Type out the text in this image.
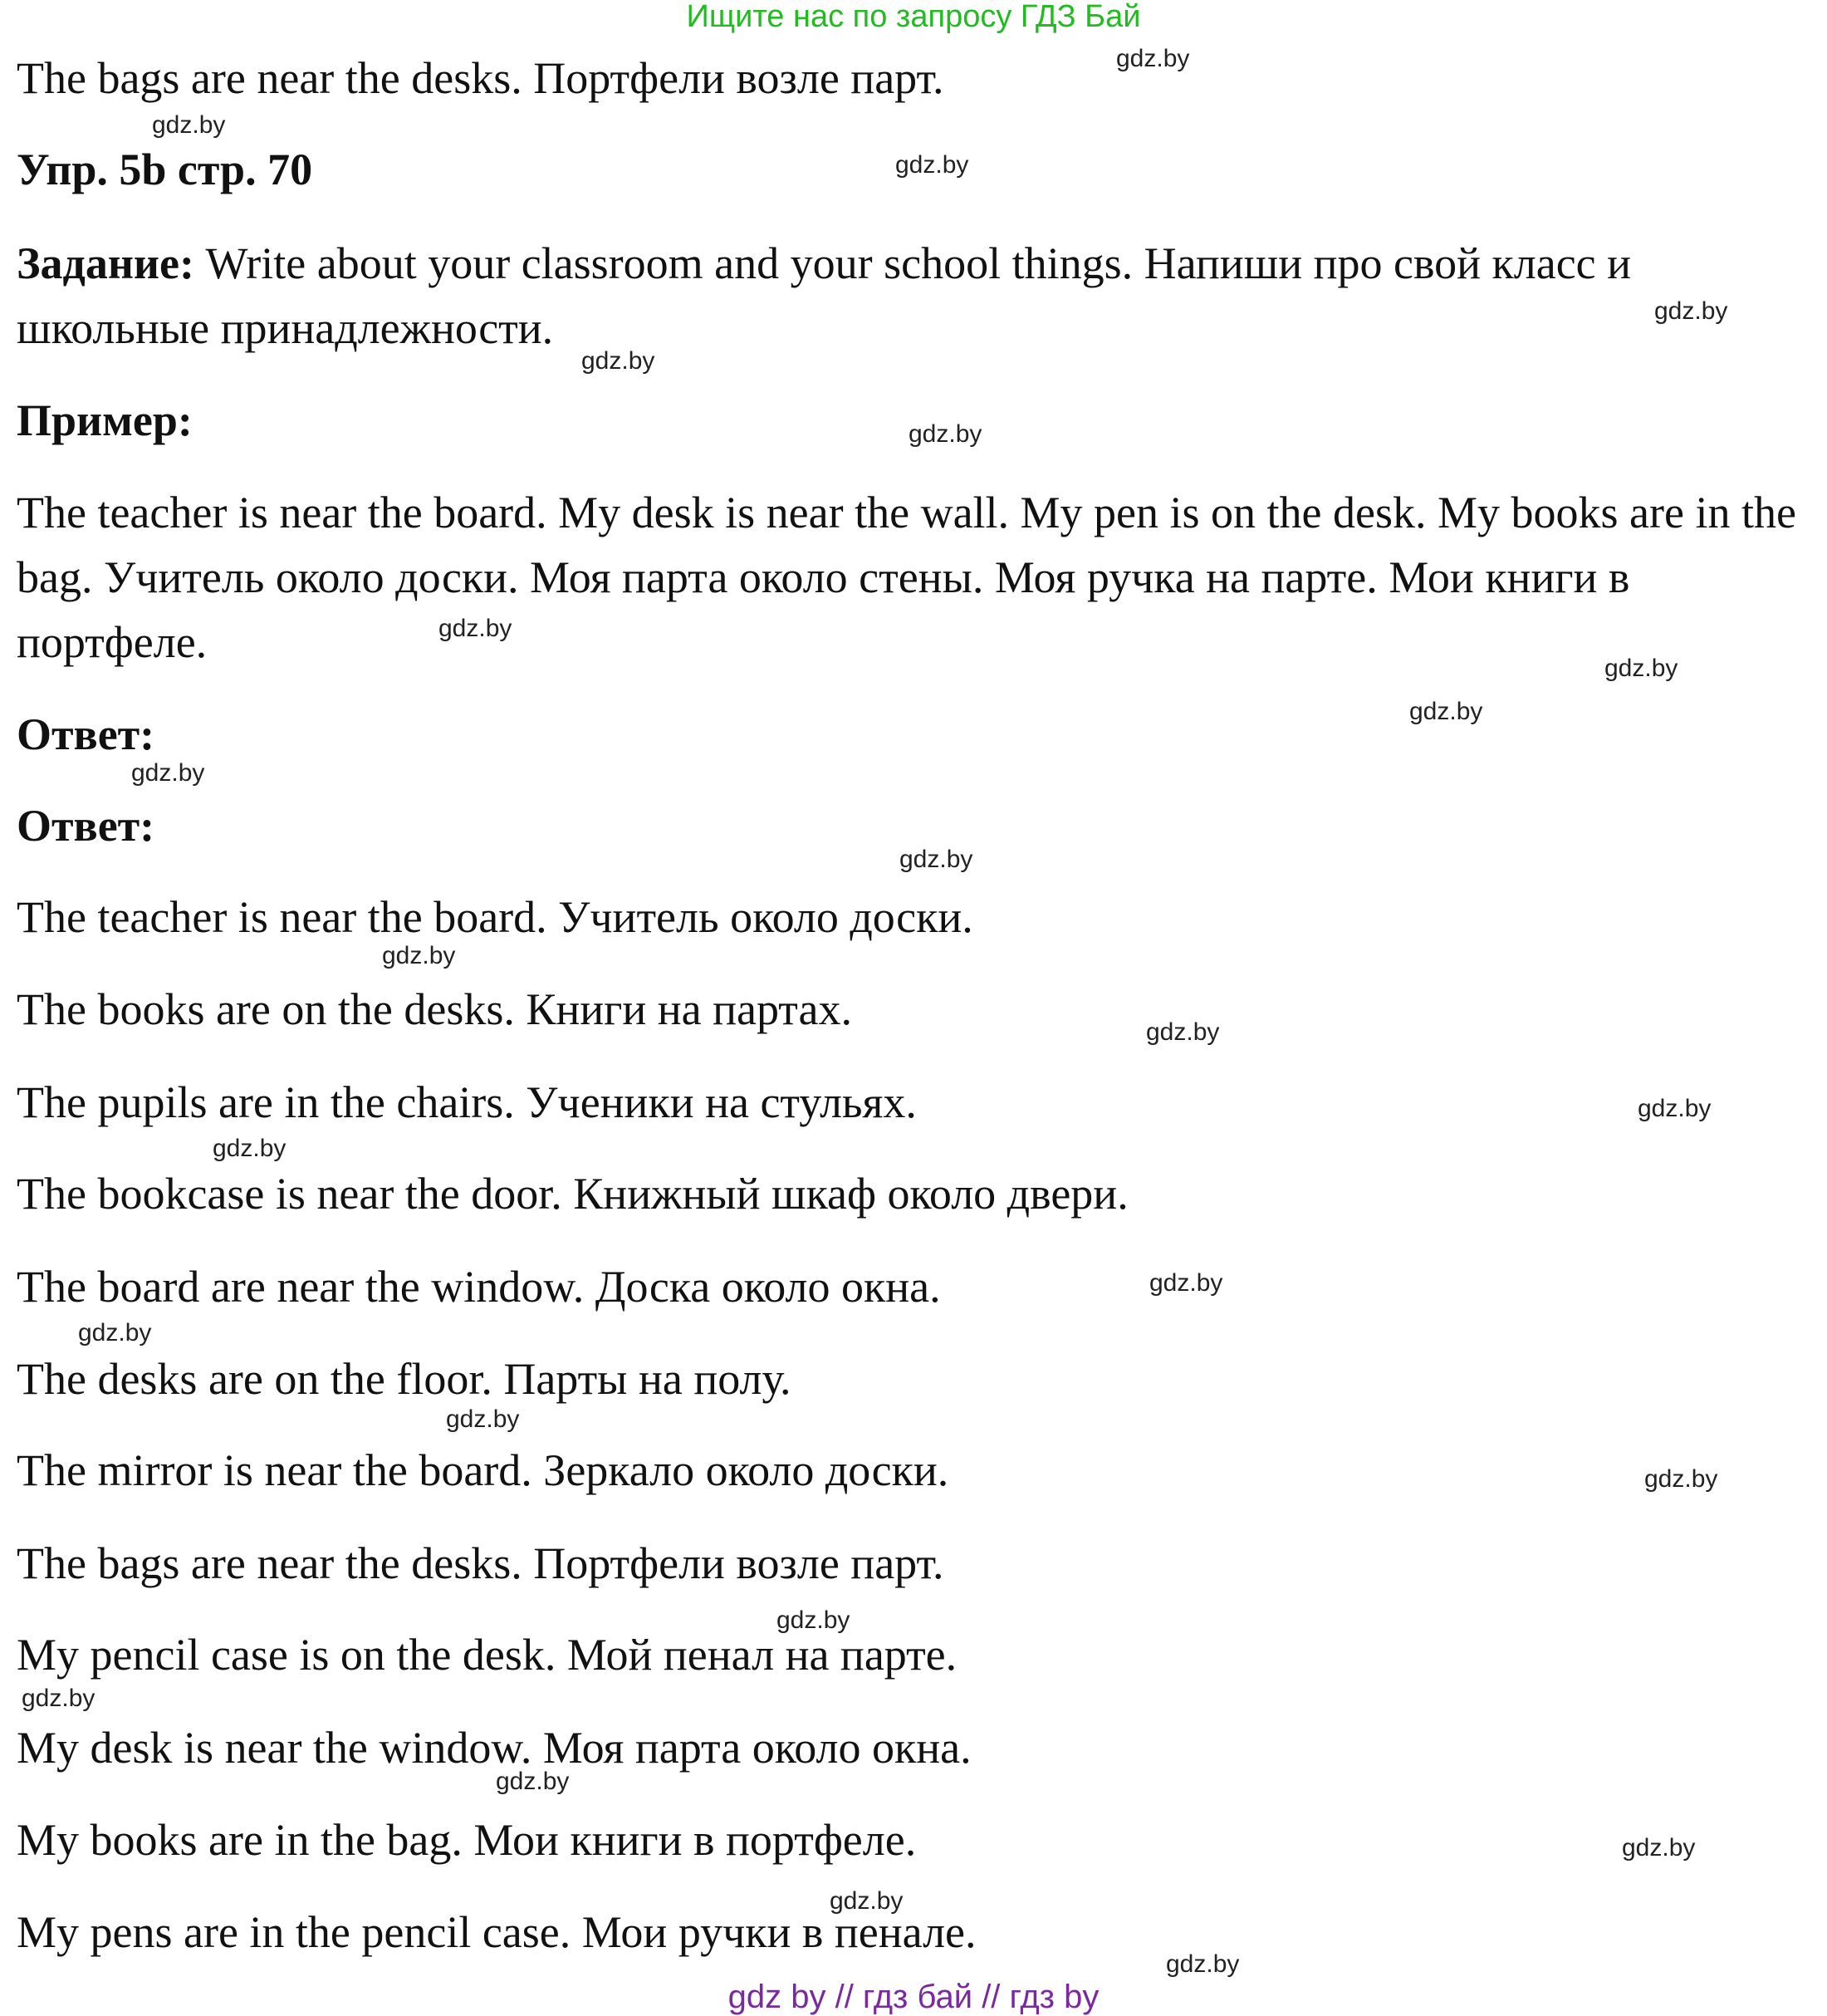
Ищите нас по запросу ГДЗ Бай
The bags are near the desks. Портфели возле парт.
Упр. 5b стр. 70
Задание: Write about your classroom and your school things. Напиши про свой класс и школьные принадлежности.
Пример:
The teacher is near the board. My desk is near the wall. My pen is on the desk. My books are in the bag. Учитель около доски. Моя парта около стены. Моя ручка на парте. Мои книги в портфеле.
Ответ:
Ответ:
The teacher is near the board. Учитель около доски.
The books are on the desks. Книги на партах.
The pupils are in the chairs. Ученики на стульях.
The bookcase is near the door. Книжный шкаф около двери.
The board are near the window. Доска около окна.
The desks are on the floor. Парты на полу.
The mirror is near the board. Зеркало около доски.
The bags are near the desks. Портфели возле парт.
My pencil case is on the desk. Мой пенал на парте.
My desk is near the window. Моя парта около окна.
My books are in the bag. Мои книги в портфеле.
My pens are in the pencil case. Мои ручки в пенале.
gdz.by
gdz.by
gdz.by
gdz.by
gdz.by
gdz.by
gdz.by
gdz.by
gdz.by
gdz.by
gdz.by
gdz.by
gdz.by
gdz.by
gdz.by
gdz.by
gdz.by
gdz.by
gdz.by
gdz.by
gdz.by
gdz.by
gdz.by
gdz.by
gdz.by
gdz by // гдз бай // гдз by
